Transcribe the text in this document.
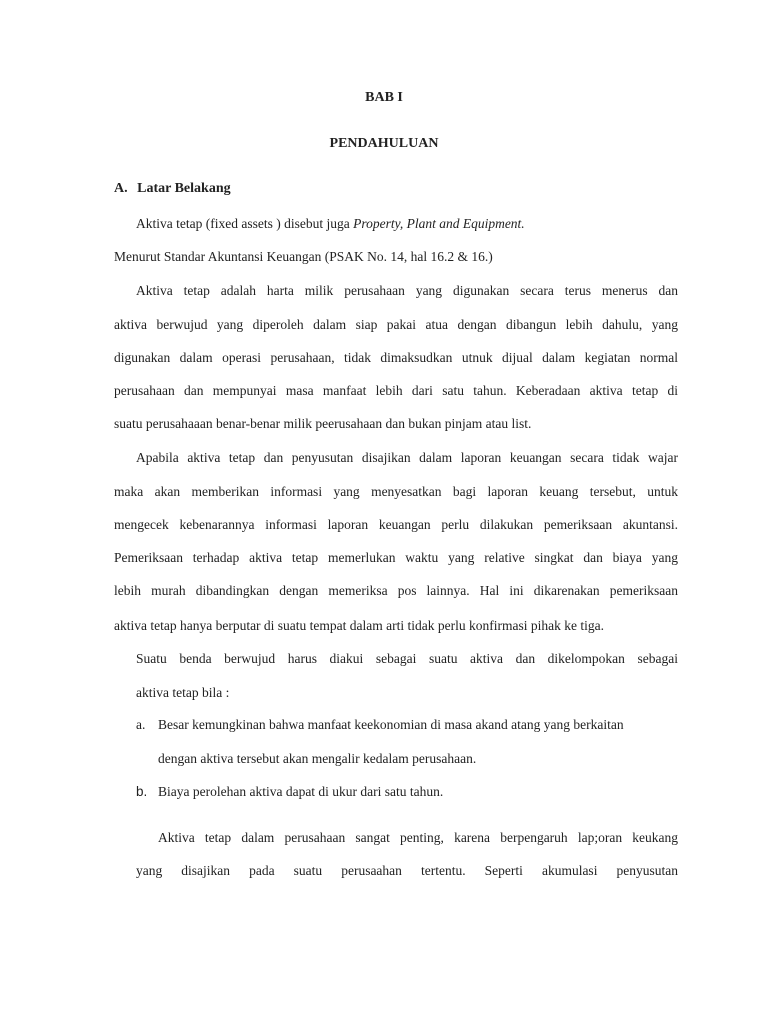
BAB I
PENDAHULUAN
A. Latar Belakang
Aktiva tetap (fixed assets ) disebut juga Property, Plant and Equipment.
Menurut Standar Akuntansi Keuangan (PSAK No. 14, hal 16.2 & 16.)
Aktiva tetap adalah harta milik perusahaan yang digunakan secara terus menerus dan
aktiva berwujud yang diperoleh dalam siap pakai atua dengan dibangun lebih dahulu, yang
digunakan dalam operasi perusahaan, tidak dimaksudkan utnuk dijual dalam kegiatan normal
perusahaan dan mempunyai masa manfaat lebih dari satu tahun. Keberadaan aktiva tetap di
suatu perusahaaan benar-benar milik peerusahaan dan bukan pinjam atau list.
Apabila aktiva tetap dan penyusutan disajikan dalam laporan keuangan secara tidak wajar
maka akan memberikan informasi yang menyesatkan bagi laporan keuang tersebut, untuk
mengecek kebenarannya informasi laporan keuangan perlu dilakukan pemeriksaan akuntansi.
Pemeriksaan terhadap aktiva tetap memerlukan waktu yang relative singkat dan biaya yang
lebih murah dibandingkan dengan memeriksa pos lainnya. Hal ini dikarenakan pemeriksaan
aktiva tetap hanya berputar di suatu tempat dalam arti tidak perlu konfirmasi pihak ke tiga.
Suatu benda berwujud harus diakui sebagai suatu aktiva dan dikelompokan sebagai
aktiva tetap bila :
a. Besar kemungkinan bahwa manfaat keekonomian di masa akand atang yang berkaitan
dengan aktiva tersebut akan mengalir kedalam perusahaan.
b. Biaya perolehan aktiva dapat di ukur dari satu tahun.
Aktiva tetap dalam perusahaan sangat penting, karena berpengaruh lap;oran keukang
yang disajikan pada suatu perusaahan tertentu. Seperti akumulasi penyusutan
